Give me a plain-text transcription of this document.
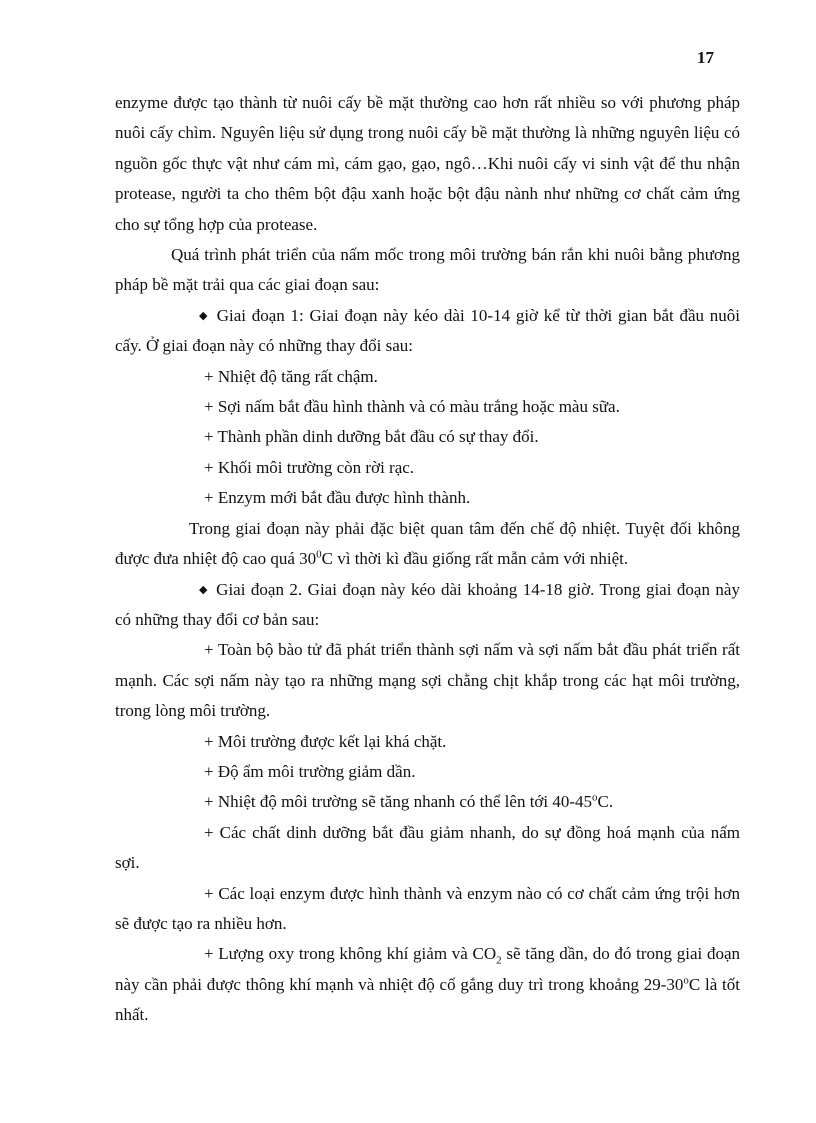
17

enzyme được tạo thành từ nuôi cấy bề mặt thường cao hơn rất nhiều so với phương pháp nuôi cấy chìm. Nguyên liệu sử dụng trong nuôi cấy bề mặt thường là những nguyên liệu có nguồn gốc thực vật như cám mì, cám gạo, gạo, ngô…Khi nuôi cấy vi sinh vật để thu nhận protease, người ta cho thêm bột đậu xanh hoặc bột đậu nành như những cơ chất cảm ứng cho sự tổng hợp của protease.

Quá trình phát triển của nấm mốc trong môi trường bán rắn khi nuôi bằng phương pháp bề mặt trải qua các giai đoạn sau:

◆ Giai đoạn 1: Giai đoạn này kéo dài 10-14 giờ kể từ thời gian bắt đầu nuôi cấy. Ở giai đoạn này có những thay đổi sau:

+ Nhiệt độ tăng rất chậm.

+ Sợi nấm bắt đầu hình thành và có màu trắng hoặc màu sữa.

+ Thành phần dinh dưỡng bắt đầu có sự thay đổi.

+ Khối môi trường còn rời rạc.

+ Enzym mới bắt đầu được hình thành.

Trong giai đoạn này phải đặc biệt quan tâm đến chế độ nhiệt. Tuyệt đối không được đưa nhiệt độ cao quá $30^0C$ vì thời kì đầu giống rất mẫn cảm với nhiệt.

◆ Giai đoạn 2. Giai đoạn này kéo dài khoảng 14-18 giờ. Trong giai đoạn này có những thay đổi cơ bản sau:

+ Toàn bộ bào tử đã phát triển thành sợi nấm và sợi nấm bắt đầu phát triển rất mạnh. Các sợi nấm này tạo ra những mạng sợi chằng chịt khắp trong các hạt môi trường, trong lòng môi trường.

+ Môi trường được kết lại khá chặt.

+ Độ ẩm môi trường giảm dần.

+ Nhiệt độ môi trường sẽ tăng nhanh có thể lên tới 40-45$^o$C.

+ Các chất dinh dưỡng bắt đầu giảm nhanh, do sự đồng hoá mạnh của nấm sợi.

+ Các loại enzym được hình thành và enzym nào có cơ chất cảm ứng trội hơn sẽ được tạo ra nhiều hơn.

+ Lượng oxy trong không khí giảm và $CO_2$ sẽ tăng dần, do đó trong giai đoạn này cần phải được thông khí mạnh và nhiệt độ cố gắng duy trì trong khoảng 29-30$^o$C là tốt nhất.
